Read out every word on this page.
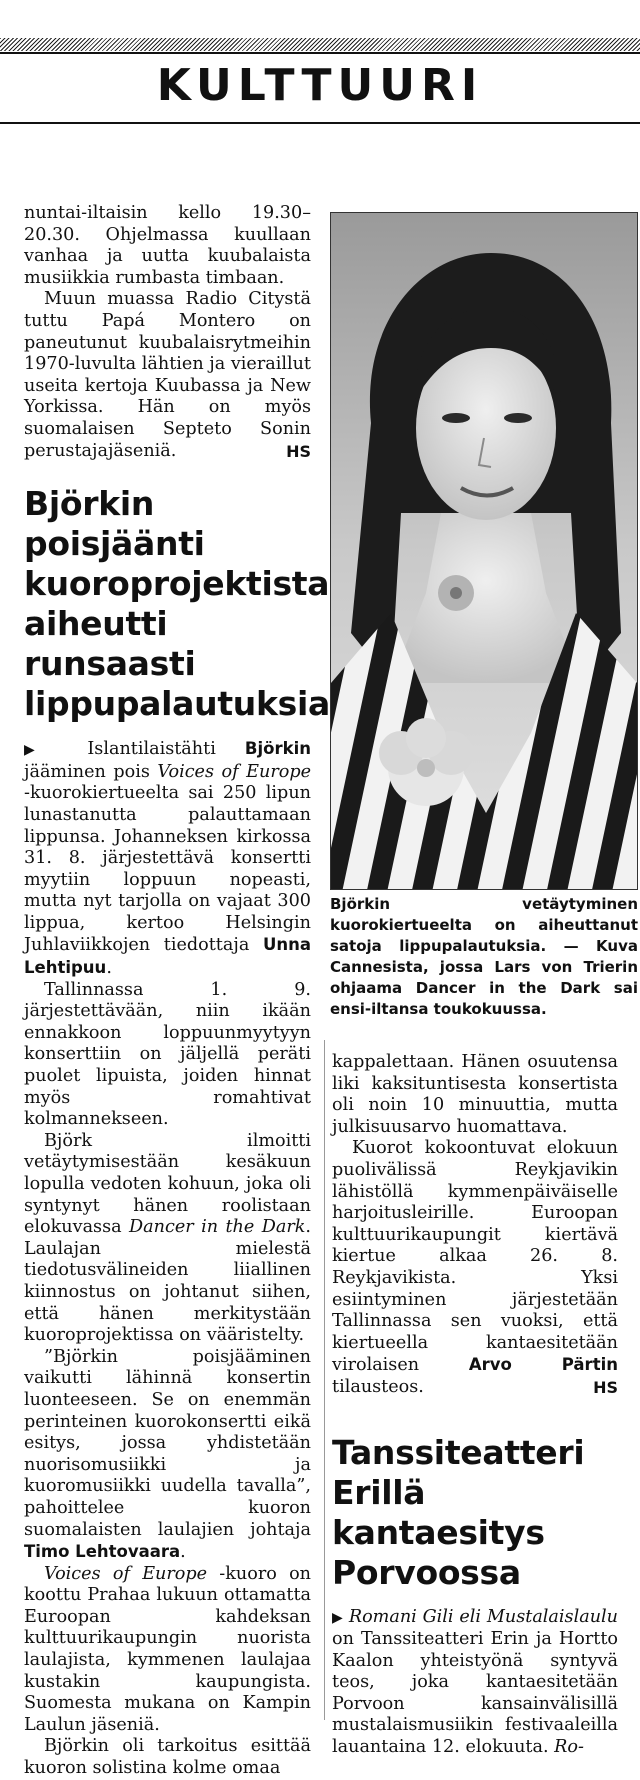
KULTTUURI

nuntai-iltaisin kello 19.30–20.30. Ohjelmassa kuullaan vanhaa ja uutta kuubalaista musiikkia rumbasta timbaan.

Muun muassa Radio Citystä tuttu Papá Montero on paneutunut kuubalaisrytmeihin 1970-luvulta lähtien ja vieraillut useita kertoja Kuubassa ja New Yorkissa. Hän on myös suomalaisen Septeto Sonin perustajajäseniä.	HS

Björkin poisjäänti kuoroprojektista aiheutti runsaasti lippupalautuksia

▶ Islantilaistähti Björkin jääminen pois Voices of Europe -kuorokiertueelta sai 250 lipun lunastanutta palauttamaan lippunsa. Johanneksen kirkossa 31. 8. järjestettävä konsertti myytiin loppuun nopeasti, mutta nyt tarjolla on vajaat 300 lippua, kertoo Helsingin Juhlaviikkojen tiedottaja Unna Lehtipuu.

Tallinnassa 1. 9. järjestettävään, niin ikään ennakkoon loppuunmyytyyn konserttiin on jäljellä peräti puolet lipuista, joiden hinnat myös romahtivat kolmannekseen.

Björk ilmoitti vetäytymisestään kesäkuun lopulla vedoten kohuun, joka oli syntynyt hänen roolistaan elokuvassa Dancer in the Dark. Laulajan mielestä tiedotusvälineiden liiallinen kiinnostus on johtanut siihen, että hänen merkitystään kuoroprojektissa on vääristelty.

”Björkin poisjääminen vaikutti lähinnä konsertin luonteeseen. Se on enemmän perinteinen kuorokonsertti eikä esitys, jossa yhdistetään nuorisomusiikki ja kuoromusiikki uudella tavalla”, pahoittelee kuoron suomalaisten laulajien johtaja Timo Lehtovaara.

Voices of Europe -kuoro on koottu Prahaa lukuun ottamatta Euroopan kahdeksan kulttuurikaupungin nuorista laulajista, kymmenen laulajaa kustakin kaupungista. Suomesta mukana on Kampin Laulun jäseniä.

Björkin oli tarkoitus esittää kuoron solistina kolme omaa

Björkin vetäytyminen kuorokiertueelta on aiheuttanut satoja lippupalautuksia. — Kuva Cannesista, jossa Lars von Trierin ohjaama Dancer in the Dark sai ensi-iltansa toukokuussa.

kappalettaan. Hänen osuutensa liki kaksituntisesta konsertista oli noin 10 minuuttia, mutta julkisuusarvo huomattava.

Kuorot kokoontuvat elokuun puolivälissä Reykjavikin lähistöllä kymmenpäiväiselle harjoitusleirille. Euroopan kulttuurikaupungit kiertävä kiertue alkaa 26. 8. Reykjavikista. Yksi esiintyminen järjestetään Tallinnassa sen vuoksi, että kiertueella kantaesitetään virolaisen Arvo Pärtin tilausteos.	HS

Tanssiteatteri Erillä kantaesitys Porvoossa

▶ Romani Gili eli Mustalaislaulu on Tanssiteatteri Erin ja Hortto Kaalon yhteistyönä syntyvä teos, joka kantaesitetään Porvoon kansainvälisillä mustalaismusiikin festivaaleilla lauantaina 12. elokuuta. Ro-
